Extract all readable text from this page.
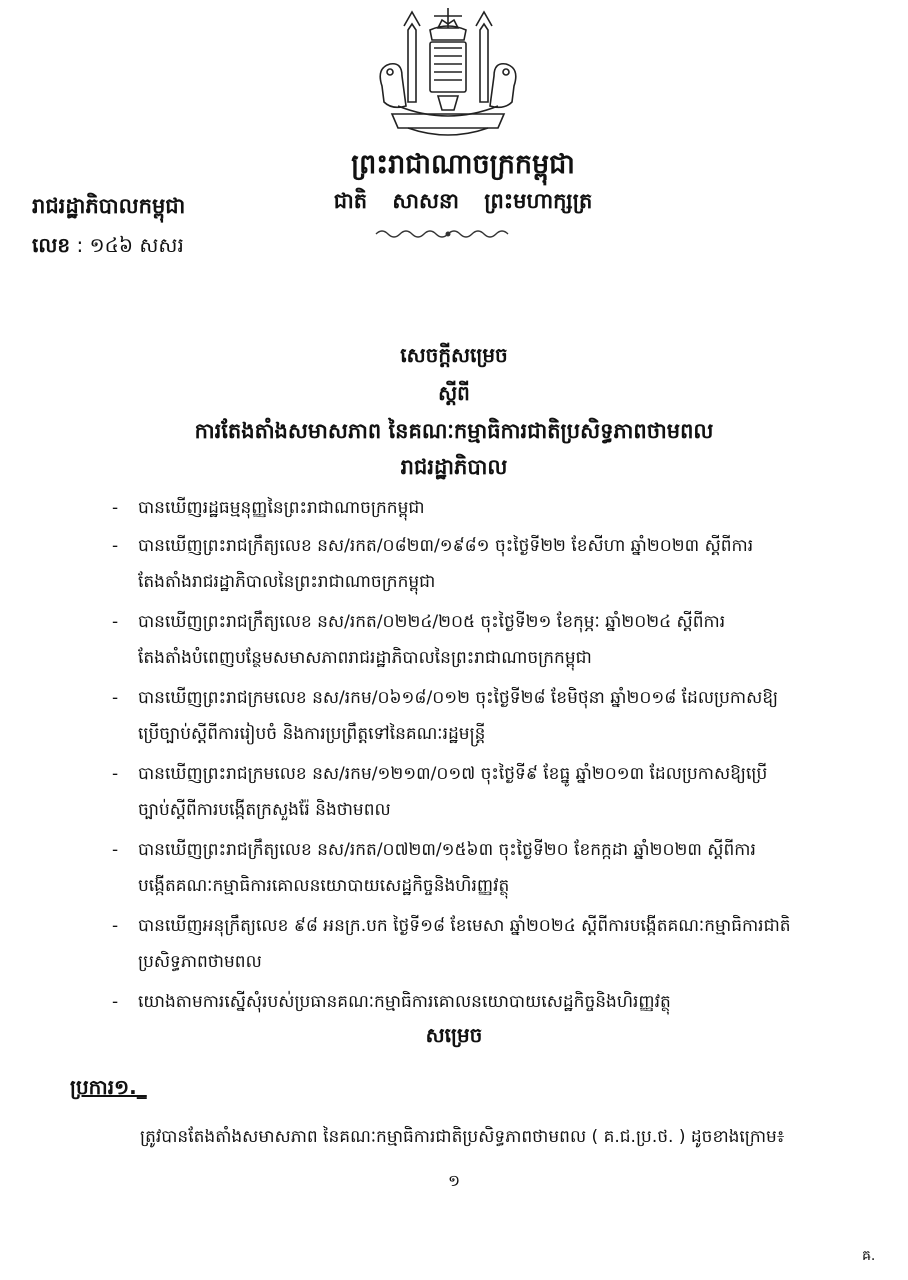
ព្រះរាជាណាចក្រកម្ពុជា
ជាតិ សាសនា ព្រះមហាក្សត្រ
រាជរដ្ឋាភិបាលកម្ពុជា
លេខ : ១៤៦ សសរ
សេចក្តីសម្រេច
ស្តីពី
ការតែងតាំងសមាសភាព នៃគណៈកម្មាធិការជាតិប្រសិទ្ធភាពថាមពល
រាជរដ្ឋាភិបាល
- បានឃើញរដ្ឋធម្មនុញ្ញនៃព្រះរាជាណាចក្រកម្ពុជា
- បានឃើញព្រះរាជក្រឹត្យលេខ នស/រកត/០៨២៣/១៩៨១ ចុះថ្ងៃទី២២ ខែសីហា ឆ្នាំ២០២៣ ស្តីពីការ
តែងតាំងរាជរដ្ឋាភិបាលនៃព្រះរាជាណាចក្រកម្ពុជា
- បានឃើញព្រះរាជក្រឹត្យលេខ នស/រកត/០២២៤/២០៥ ចុះថ្ងៃទី២១ ខែកុម្ភៈ ឆ្នាំ២០២៤ ស្តីពីការ
តែងតាំងបំពេញបន្ថែមសមាសភាពរាជរដ្ឋាភិបាលនៃព្រះរាជាណាចក្រកម្ពុជា
- បានឃើញព្រះរាជក្រមលេខ នស/រកម/០៦១៨/០១២ ចុះថ្ងៃទី២៨ ខែមិថុនា ឆ្នាំ២០១៨ ដែលប្រកាសឱ្យ
ប្រើច្បាប់ស្តីពីការរៀបចំ និងការប្រព្រឹត្តទៅនៃគណៈរដ្ឋមន្ត្រី
- បានឃើញព្រះរាជក្រមលេខ នស/រកម/១២១៣/០១៧ ចុះថ្ងៃទី៩ ខែធ្នូ ឆ្នាំ២០១៣ ដែលប្រកាសឱ្យប្រើ
ច្បាប់ស្តីពីការបង្កើតក្រសួងរ៉ែ និងថាមពល
- បានឃើញព្រះរាជក្រឹត្យលេខ នស/រកត/០៧២៣/១៥៦៣ ចុះថ្ងៃទី២០ ខែកក្កដា ឆ្នាំ២០២៣ ស្តីពីការ
បង្កើតគណៈកម្មាធិការគោលនយោបាយសេដ្ឋកិច្ចនិងហិរញ្ញវត្ថុ
- បានឃើញអនុក្រឹត្យលេខ ៩៨ អនក្រ.បក ថ្ងៃទី១៨ ខែមេសា ឆ្នាំ២០២៤ ស្តីពីការបង្កើតគណៈកម្មាធិការជាតិ
ប្រសិទ្ធភាពថាមពល
- យោងតាមការស្នើសុំរបស់ប្រធានគណៈកម្មាធិការគោលនយោបាយសេដ្ឋកិច្ចនិងហិរញ្ញវត្ថុ
សម្រេច
ប្រការ១._
ត្រូវបានតែងតាំងសមាសភាព នៃគណៈកម្មាធិការជាតិប្រសិទ្ធភាពថាមពល ( គ.ជ.ប្រ.ថ. ) ដូចខាងក្រោម៖
១
ឝ.
